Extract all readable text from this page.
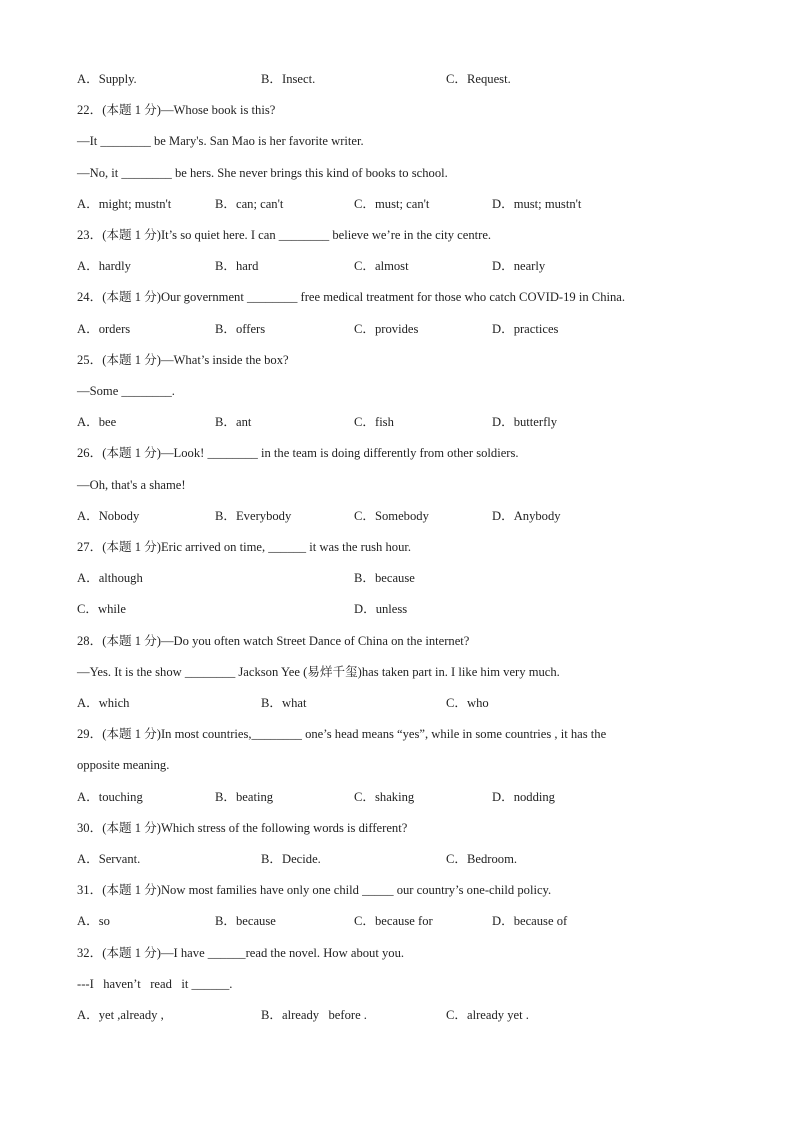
A．Supply.	B．Insect.	C．Request.
22．(本题 1 分)—Whose book is this?
—It ________ be Mary's. San Mao is her favorite writer.
—No, it ________ be hers. She never brings this kind of books to school.
A．might; mustn't	B．can; can't	C．must; can't	D．must; mustn't
23．(本题 1 分)It’s so quiet here. I can ________ believe we’re in the city centre.
A．hardly	B．hard	C．almost	D．nearly
24．(本题 1 分)Our government ________ free medical treatment for those who catch COVID-19 in China.
A．orders	B．offers	C．provides	D．practices
25．(本题 1 分)—What’s inside the box?
—Some ________.
A．bee	B．ant	C．fish	D．butterfly
26．(本题 1 分)—Look! ________ in the team is doing differently from other soldiers.
—Oh, that's a shame!
A．Nobody	B．Everybody	C．Somebody	D．Anybody
27．(本题 1 分)Eric arrived on time, ______ it was the rush hour.
A．although	B．because
C．while	D．unless
28．(本题 1 分)—Do you often watch Street Dance of China on the internet?
—Yes. It is the show ________ Jackson Yee (易烊千玺)has taken part in. I like him very much.
A．which	B．what	C．who
29．(本题 1 分)In most countries,________ one’s head means “yes”, while in some countries , it has the
opposite meaning.
A．touching	B．beating	C．shaking	D．nodding
30．(本题 1 分)Which stress of the following words is different?
A．Servant.	B．Decide.	C．Bedroom.
31．(本题 1 分)Now most families have only one child _____ our country’s one-child policy.
A．so	B．because	C．because for	D．because of
32．(本题 1 分)—I have ______read the novel. How about you.
---I   haven’t   read   it ______.
A．yet ,already ,	B．already   before .	C．already yet .
